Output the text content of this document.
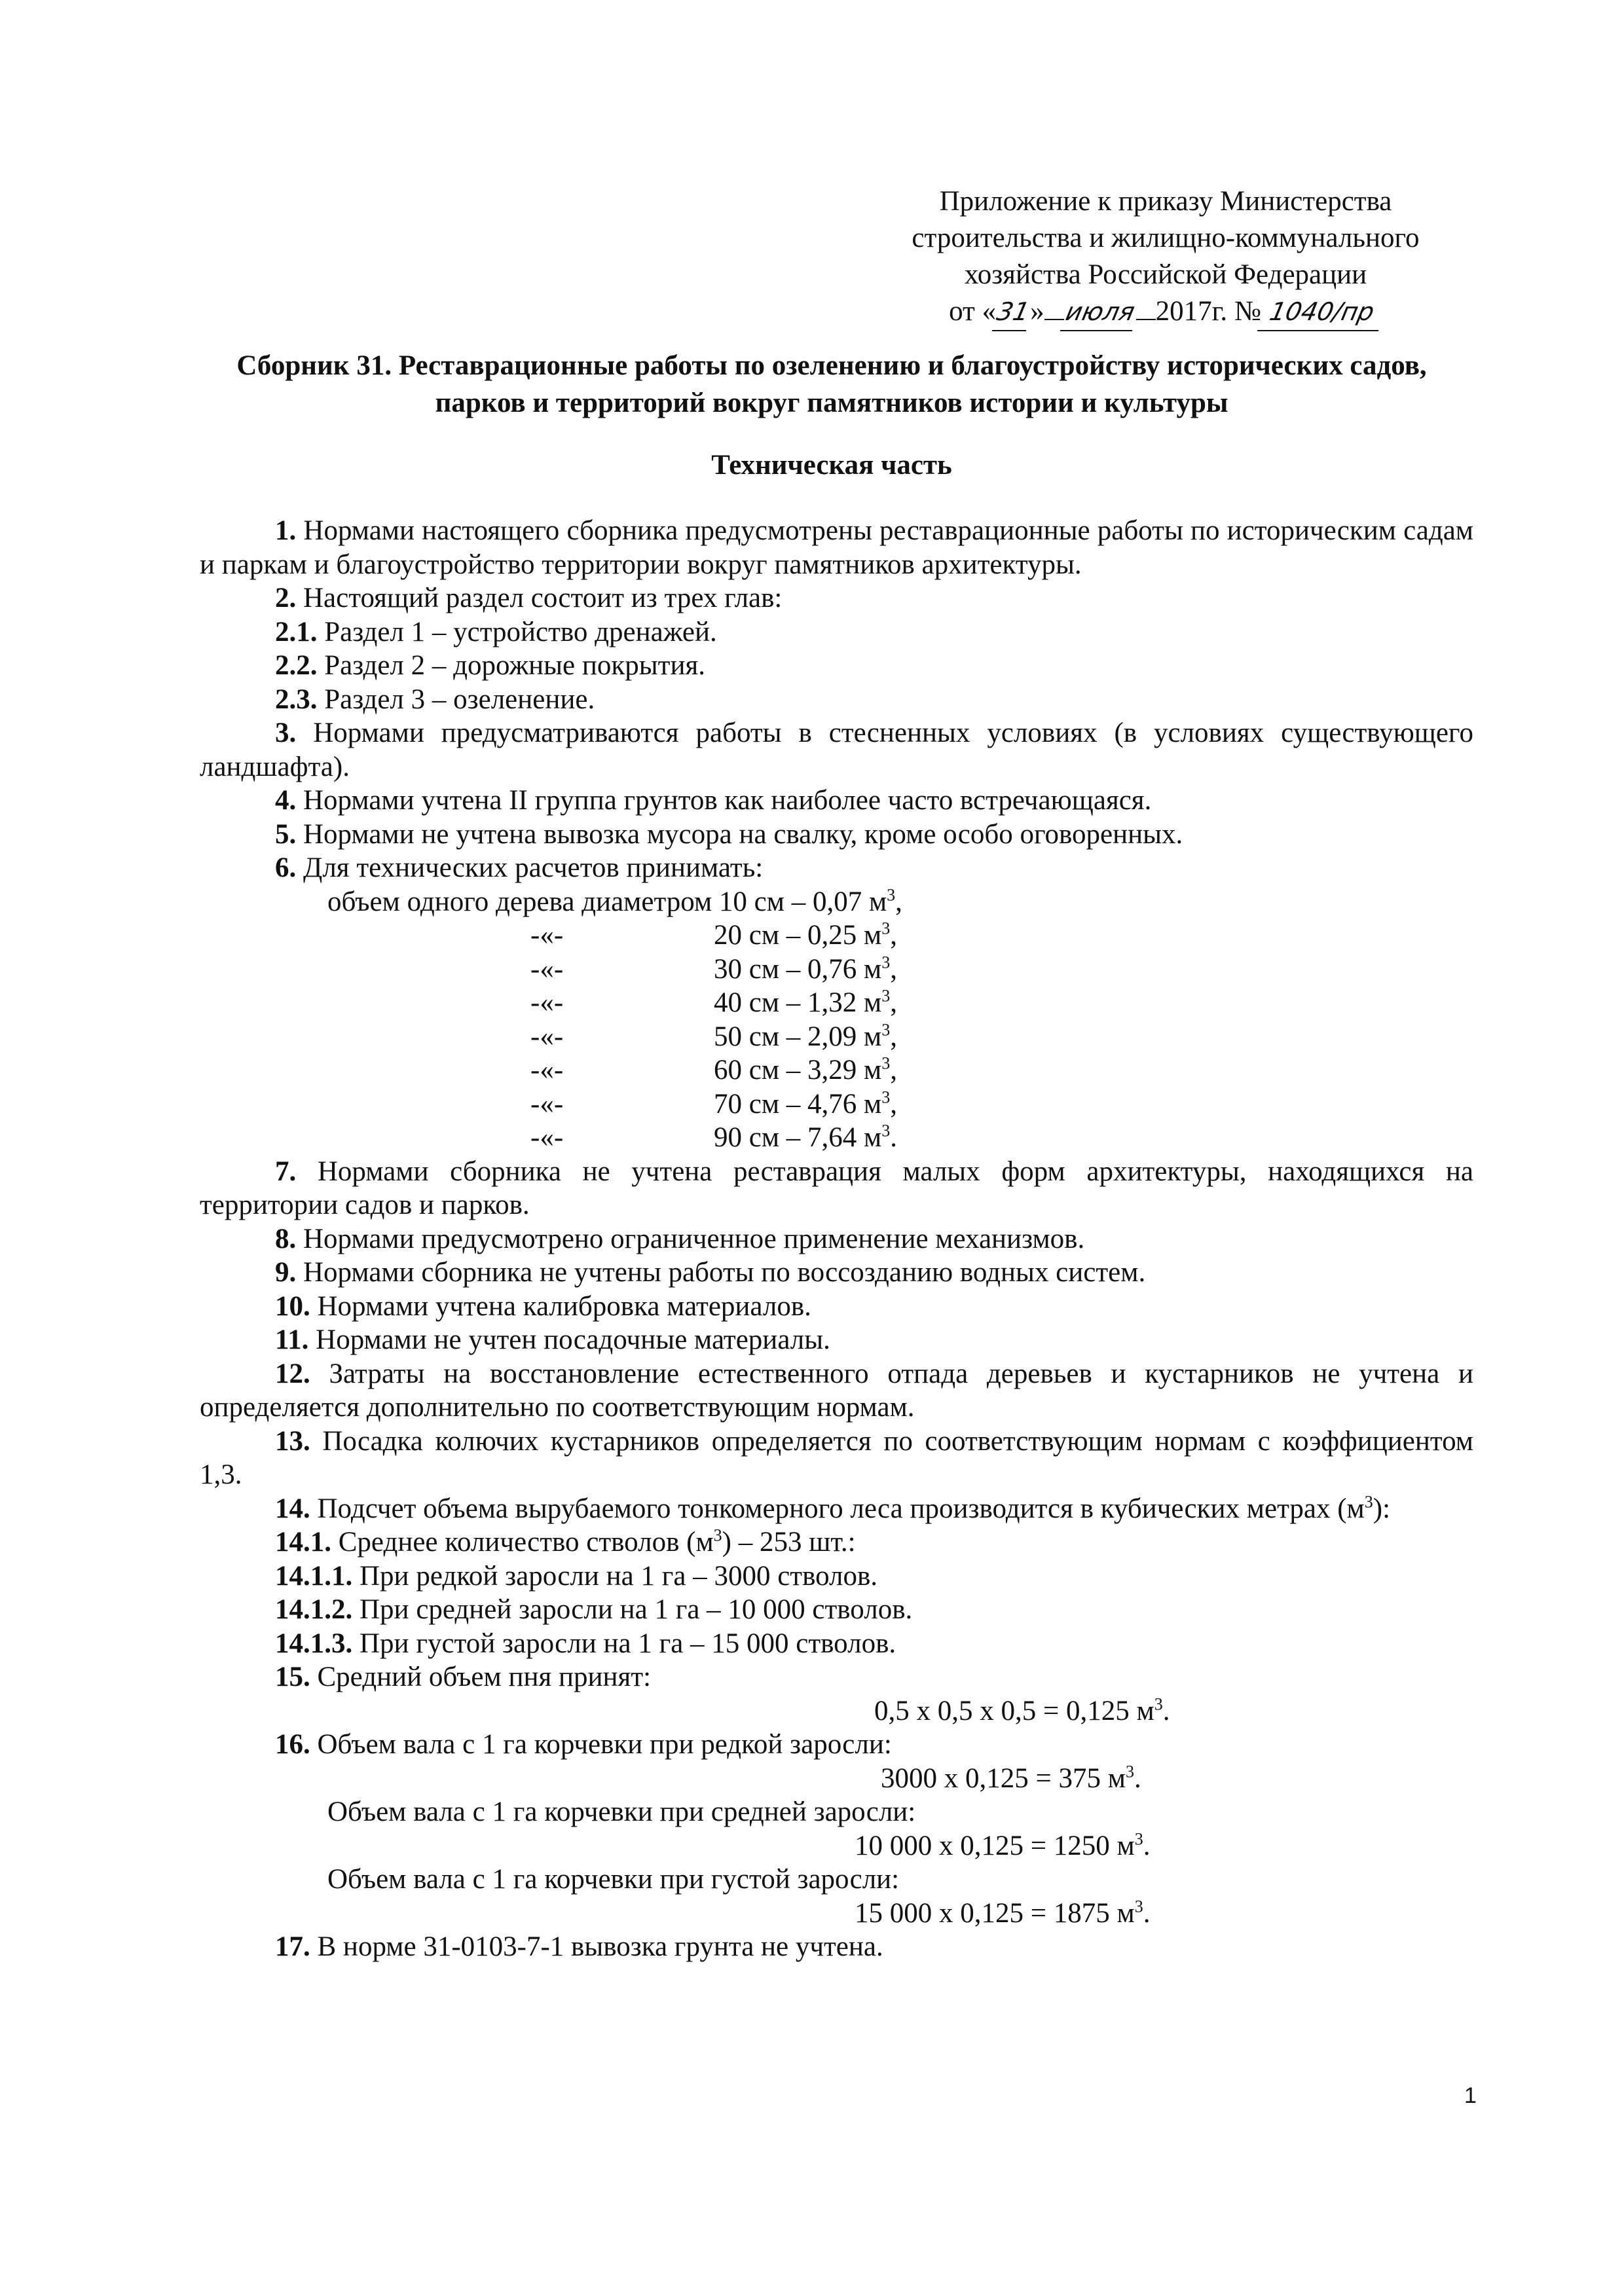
Приложение к приказу Министерства
строительства и жилищно-коммунального
хозяйства Российской Федерации
от «31» июля 2017г. № 1040/пр
Сборник 31. Реставрационные работы по озеленению и благоустройству исторических садов, парков и территорий вокруг памятников истории и культуры
Техническая часть

1. Нормами настоящего сборника предусмотрены реставрационные работы по историческим садам и паркам и благоустройство территории вокруг памятников архитектуры.

2. Настоящий раздел состоит из трех глав:

2.1. Раздел 1 – устройство дренажей.

2.2. Раздел 2 – дорожные покрытия.

2.3. Раздел 3 – озеленение.

3. Нормами предусматриваются работы в стесненных условиях (в условиях существующего ландшафта).

4. Нормами учтена II группа грунтов как наиболее часто встречающаяся.

5. Нормами не учтена вывозка мусора на свалку, кроме особо оговоренных.

6. Для технических расчетов принимать:

объем одного дерева диаметром 10 см – 0,07 $м^3$,

-«-	20 см – 0,25 $м^3$,
-«-	30 см – 0,76 $м^3$,
-«-	40 см – 1,32 $м^3$,
-«-	50 см – 2,09 $м^3$,
-«-	60 см – 3,29 $м^3$,
-«-	70 см – 4,76 $м^3$,
-«-	90 см – 7,64 $м^3$.

7. Нормами сборника не учтена реставрация малых форм архитектуры, находящихся на территории садов и парков.

8. Нормами предусмотрено ограниченное применение механизмов.

9. Нормами сборника не учтены работы по воссозданию водных систем.

10. Нормами учтена калибровка материалов.

11. Нормами не учтен посадочные материалы.

12. Затраты на восстановление естественного отпада деревьев и кустарников не учтена и определяется дополнительно по соответствующим нормам.

13. Посадка колючих кустарников определяется по соответствующим нормам с коэффициентом 1,3.

14. Подсчет объема вырубаемого тонкомерного леса производится в кубических метрах $(м^3)$:

14.1. Среднее количество стволов $(м^3) - 253$ шт.:

14.1.1. При редкой заросли на 1 га – 3000 стволов.

14.1.2. При средней заросли на 1 га – 10 000 стволов.

14.1.3. При густой заросли на 1 га – 15 000 стволов.

15. Средний объем пня принят:

0,5 х 0,5 х 0,5 = 0,125 $м^3$.

16. Объем вала с 1 га корчевки при редкой заросли:

3000 х 0,125 = 375 $м^3$.

Объем вала с 1 га корчевки при средней заросли:

10 000 х 0,125 = 1250 $м^3$.

Объем вала с 1 га корчевки при густой заросли:

15 000 х 0,125 = 1875 $м^3$.

17. В норме 31-0103-7-1 вывозка грунта не учтена.

1
